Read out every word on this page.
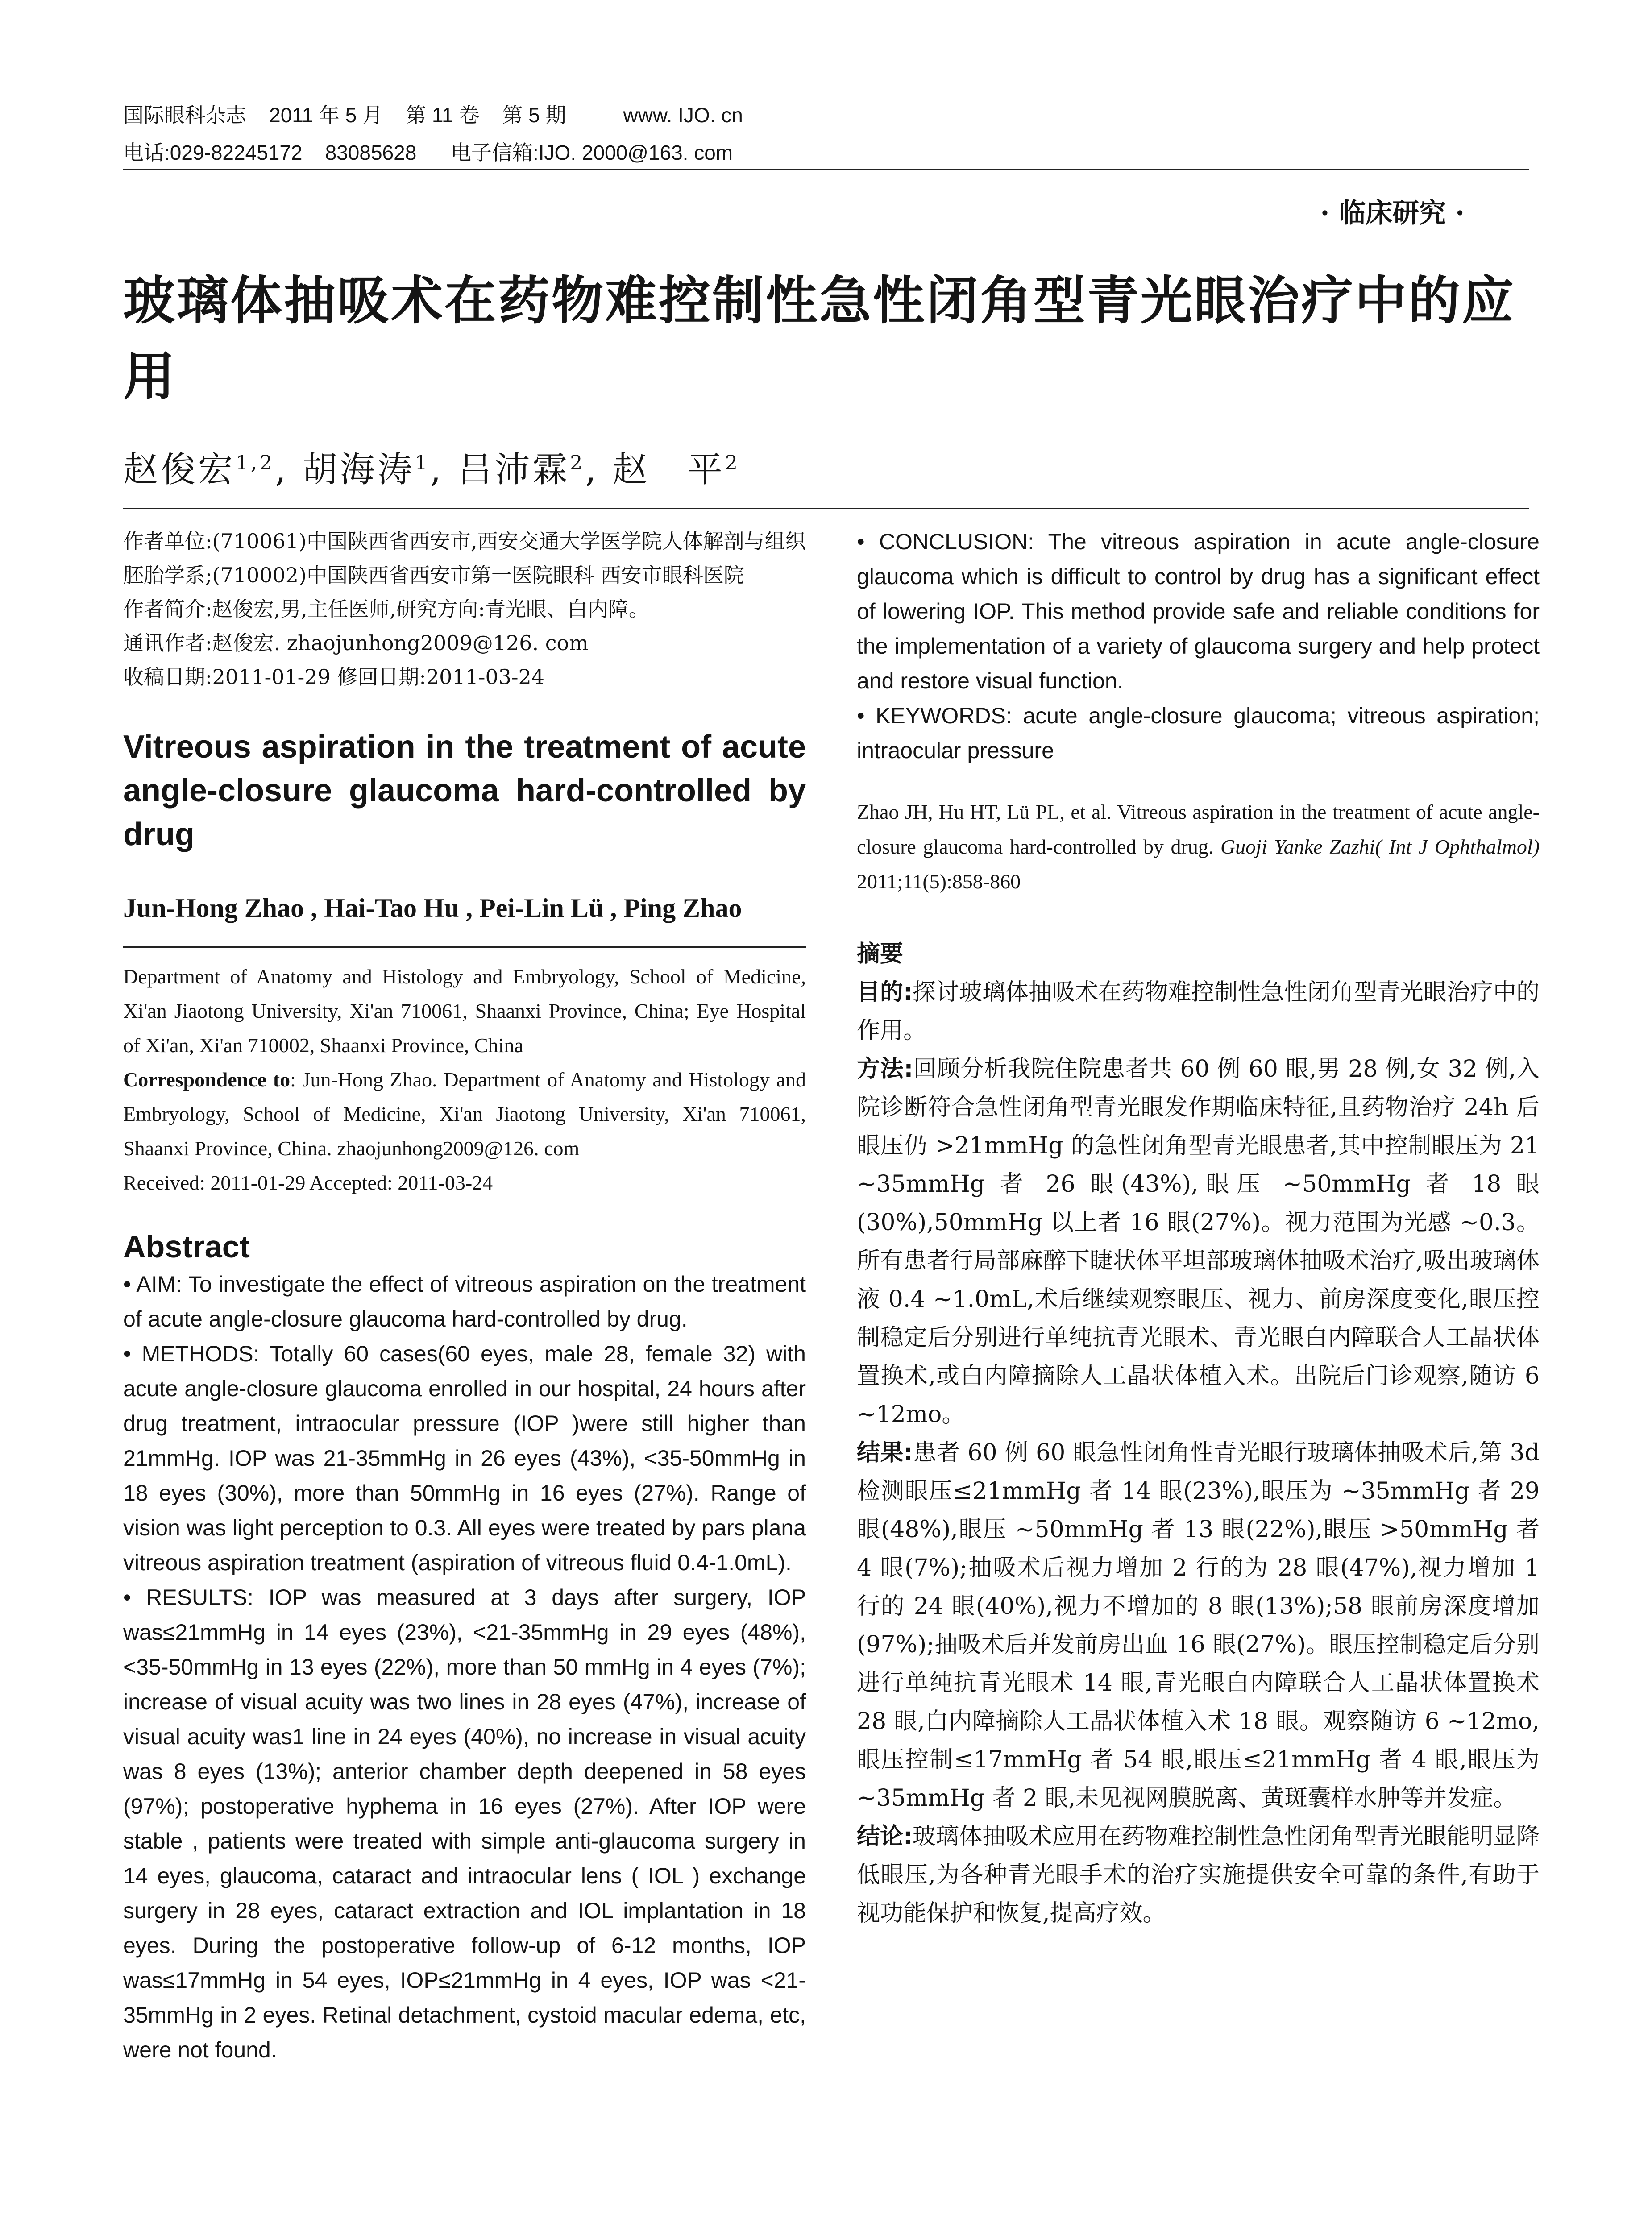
国际眼科杂志    2011 年 5 月    第 11 卷    第 5 期          www. IJO. cn
电话:029-82245172    83085628      电子信箱:IJO. 2000@163. com
· 临床研究 ·
玻璃体抽吸术在药物难控制性急性闭角型青光眼治疗中的应用
赵俊宏$^{1,2}$, 胡海涛$^1$, 吕沛霖$^2$, 赵　平$^2$

作者单位:(710061)中国陕西省西安市,西安交通大学医学院人体解剖与组织胚胎学系;(710002)中国陕西省西安市第一医院眼科 西安市眼科医院

作者简介:赵俊宏,男,主任医师,研究方向:青光眼、白内障。

通讯作者:赵俊宏. zhaojunhong2009@126. com

收稿日期:2011-01-29 修回日期:2011-03-24

Vitreous aspiration in the treatment of acute angle-closure glaucoma hard-controlled by drug
Jun-Hong Zhao , Hai-Tao Hu , Pei-Lin Lü , Ping Zhao

Department of Anatomy and Histology and Embryology, School of Medicine, Xi'an Jiaotong University, Xi'an 710061, Shaanxi Province, China; Eye Hospital of Xi'an, Xi'an 710002, Shaanxi Province, China

Correspondence to: Jun-Hong Zhao. Department of Anatomy and Histology and Embryology, School of Medicine, Xi'an Jiaotong University, Xi'an 710061, Shaanxi Province, China. zhaojunhong2009@126. com

Received: 2011-01-29 Accepted: 2011-03-24

Abstract

• AIM: To investigate the effect of vitreous aspiration on the treatment of acute angle-closure glaucoma hard-controlled by drug.

• METHODS: Totally 60 cases(60 eyes, male 28, female 32) with acute angle-closure glaucoma enrolled in our hospital, 24 hours after drug treatment, intraocular pressure (IOP )were still higher than 21mmHg. IOP was 21-35mmHg in 26 eyes (43%), <35-50mmHg in 18 eyes (30%), more than 50mmHg in 16 eyes (27%). Range of vision was light perception to 0.3. All eyes were treated by pars plana vitreous aspiration treatment (aspiration of vitreous fluid 0.4-1.0mL).

• RESULTS: IOP was measured at 3 days after surgery, IOP was≤21mmHg in 14 eyes (23%), <21-35mmHg in 29 eyes (48%), <35-50mmHg in 13 eyes (22%), more than 50 mmHg in 4 eyes (7%); increase of visual acuity was two lines in 28 eyes (47%), increase of visual acuity was1 line in 24 eyes (40%), no increase in visual acuity was 8 eyes (13%); anterior chamber depth deepened in 58 eyes (97%); postoperative hyphema in 16 eyes (27%). After IOP were stable , patients were treated with simple anti-glaucoma surgery in 14 eyes, glaucoma, cataract and intraocular lens ( IOL ) exchange surgery in 28 eyes, cataract extraction and IOL implantation in 18 eyes. During the postoperative follow-up of 6-12 months, IOP was≤17mmHg in 54 eyes, IOP≤21mmHg in 4 eyes, IOP was <21-35mmHg in 2 eyes. Retinal detachment, cystoid macular edema, etc, were not found.

• CONCLUSION: The vitreous aspiration in acute angle-closure glaucoma which is difficult to control by drug has a significant effect of lowering IOP. This method provide safe and reliable conditions for the implementation of a variety of glaucoma surgery and help protect and restore visual function.

• KEYWORDS: acute angle-closure glaucoma; vitreous aspiration; intraocular pressure

Zhao JH, Hu HT, Lü PL, et al. Vitreous aspiration in the treatment of acute angle-closure glaucoma hard-controlled by drug. Guoji Yanke Zazhi( Int J Ophthalmol) 2011;11(5):858-860
摘要

目的:探讨玻璃体抽吸术在药物难控制性急性闭角型青光眼治疗中的作用。

方法:回顾分析我院住院患者共 60 例 60 眼,男 28 例,女 32 例,入院诊断符合急性闭角型青光眼发作期临床特征,且药物治疗 24h 后眼压仍 >21mmHg 的急性闭角型青光眼患者,其中控制眼压为 21 ~35mmHg 者 26 眼(43%),眼压 ~50mmHg 者 18 眼(30%),50mmHg 以上者 16 眼(27%)。视力范围为光感 ~0.3。所有患者行局部麻醉下睫状体平坦部玻璃体抽吸术治疗,吸出玻璃体液 0.4 ~1.0mL,术后继续观察眼压、视力、前房深度变化,眼压控制稳定后分别进行单纯抗青光眼术、青光眼白内障联合人工晶状体置换术,或白内障摘除人工晶状体植入术。出院后门诊观察,随访 6 ~12mo。

结果:患者 60 例 60 眼急性闭角性青光眼行玻璃体抽吸术后,第 3d 检测眼压≤21mmHg 者 14 眼(23%),眼压为 ~35mmHg 者 29 眼(48%),眼压 ~50mmHg 者 13 眼(22%),眼压 >50mmHg 者 4 眼(7%);抽吸术后视力增加 2 行的为 28 眼(47%),视力增加 1 行的 24 眼(40%),视力不增加的 8 眼(13%);58 眼前房深度增加(97%);抽吸术后并发前房出血 16 眼(27%)。眼压控制稳定后分别进行单纯抗青光眼术 14 眼,青光眼白内障联合人工晶状体置换术 28 眼,白内障摘除人工晶状体植入术 18 眼。观察随访 6 ~12mo,眼压控制≤17mmHg 者 54 眼,眼压≤21mmHg 者 4 眼,眼压为 ~35mmHg 者 2 眼,未见视网膜脱离、黄斑囊样水肿等并发症。

结论:玻璃体抽吸术应用在药物难控制性急性闭角型青光眼能明显降低眼压,为各种青光眼手术的治疗实施提供安全可靠的条件,有助于视功能保护和恢复,提高疗效。
